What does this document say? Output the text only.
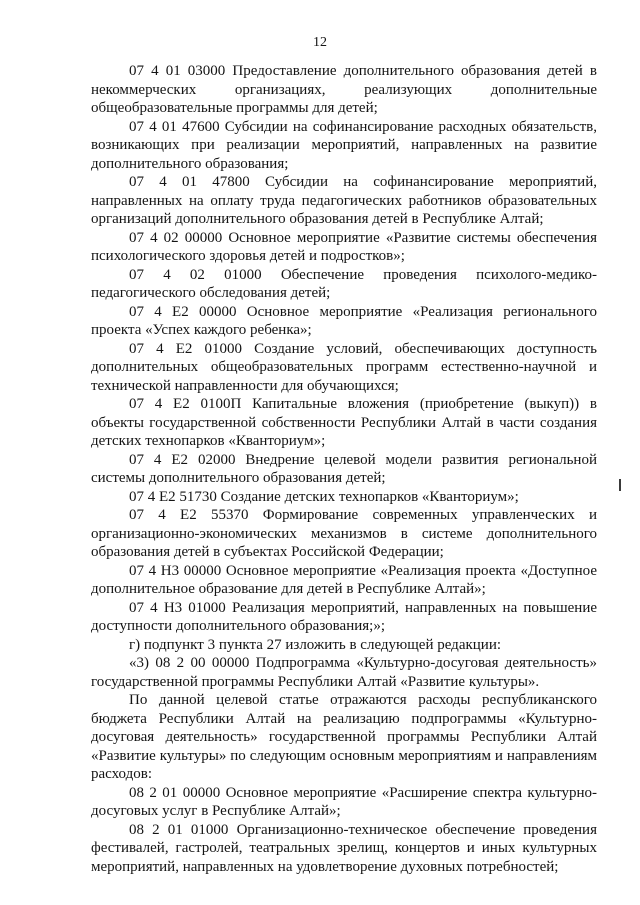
12

07 4 01 03000 Предоставление дополнительного образования детей в некоммерческих организациях, реализующих дополнительные общеобразовательные программы для детей;

07 4 01 47600 Субсидии на софинансирование расходных обязательств, возникающих при реализации мероприятий, направленных на развитие дополнительного образования;

07 4 01 47800 Субсидии на софинансирование мероприятий, направленных на оплату труда педагогических работников образовательных организаций дополнительного образования детей в Республике Алтай;

07 4 02 00000 Основное мероприятие «Развитие системы обеспечения психологического здоровья детей и подростков»;

07 4 02 01000 Обеспечение проведения психолого-медико-педагогического обследования детей;

07 4 E2 00000 Основное мероприятие «Реализация регионального проекта «Успех каждого ребенка»;

07 4 E2 01000 Создание условий, обеспечивающих доступность дополнительных общеобразовательных программ естественно-научной и технической направленности для обучающихся;

07 4 E2 0100П Капитальные вложения (приобретение (выкуп)) в объекты государственной собственности Республики Алтай в части создания детских технопарков «Кванториум»;

07 4 E2 02000 Внедрение целевой модели развития региональной системы дополнительного образования детей;

07 4 E2 51730 Создание детских технопарков «Кванториум»;

07 4 E2 55370 Формирование современных управленческих и организационно-экономических механизмов в системе дополнительного образования детей в субъектах Российской Федерации;

07 4 Н3 00000 Основное мероприятие «Реализация проекта «Доступное дополнительное образование для детей в Республике Алтай»;

07 4 Н3 01000 Реализация мероприятий, направленных на повышение доступности дополнительного образования;»;

г) подпункт 3 пункта 27 изложить в следующей редакции:

«3) 08 2 00 00000 Подпрограмма «Культурно-досуговая деятельность» государственной программы Республики Алтай «Развитие культуры».

По данной целевой статье отражаются расходы республиканского бюджета Республики Алтай на реализацию подпрограммы «Культурно-досуговая деятельность» государственной программы Республики Алтай «Развитие культуры» по следующим основным мероприятиям и направлениям расходов:

08 2 01 00000 Основное мероприятие «Расширение спектра культурно-досуговых услуг в Республике Алтай»;

08 2 01 01000 Организационно-техническое обеспечение проведения фестивалей, гастролей, театральных зрелищ, концертов и иных культурных мероприятий, направленных на удовлетворение духовных потребностей;
